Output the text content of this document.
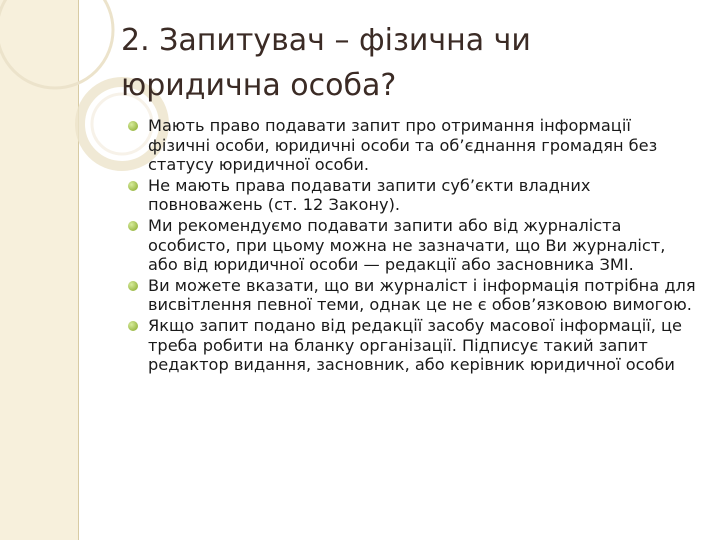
2. Запитувач – фізична чи
юридична особа?
Мають право подавати запит про отримання інформації фізичні особи, юридичні особи та об’єднання громадян без статусу юридичної особи.
Не мають права подавати запити суб’єкти владних повноважень (ст. 12 Закону).
Ми рекомендуємо подавати запити або від журналіста особисто, при цьому можна не зазначати, що Ви журналіст, або від юридичної особи — редакції або засновника ЗМІ.
Ви можете вказати, що ви журналіст і інформація потрібна для висвітлення певної теми, однак це не є обов’язковою вимогою.
Якщо запит подано від редакції засобу масової інформації, це треба робити на бланку організації. Підписує такий запит редактор видання, засновник, або керівник юридичної особи
